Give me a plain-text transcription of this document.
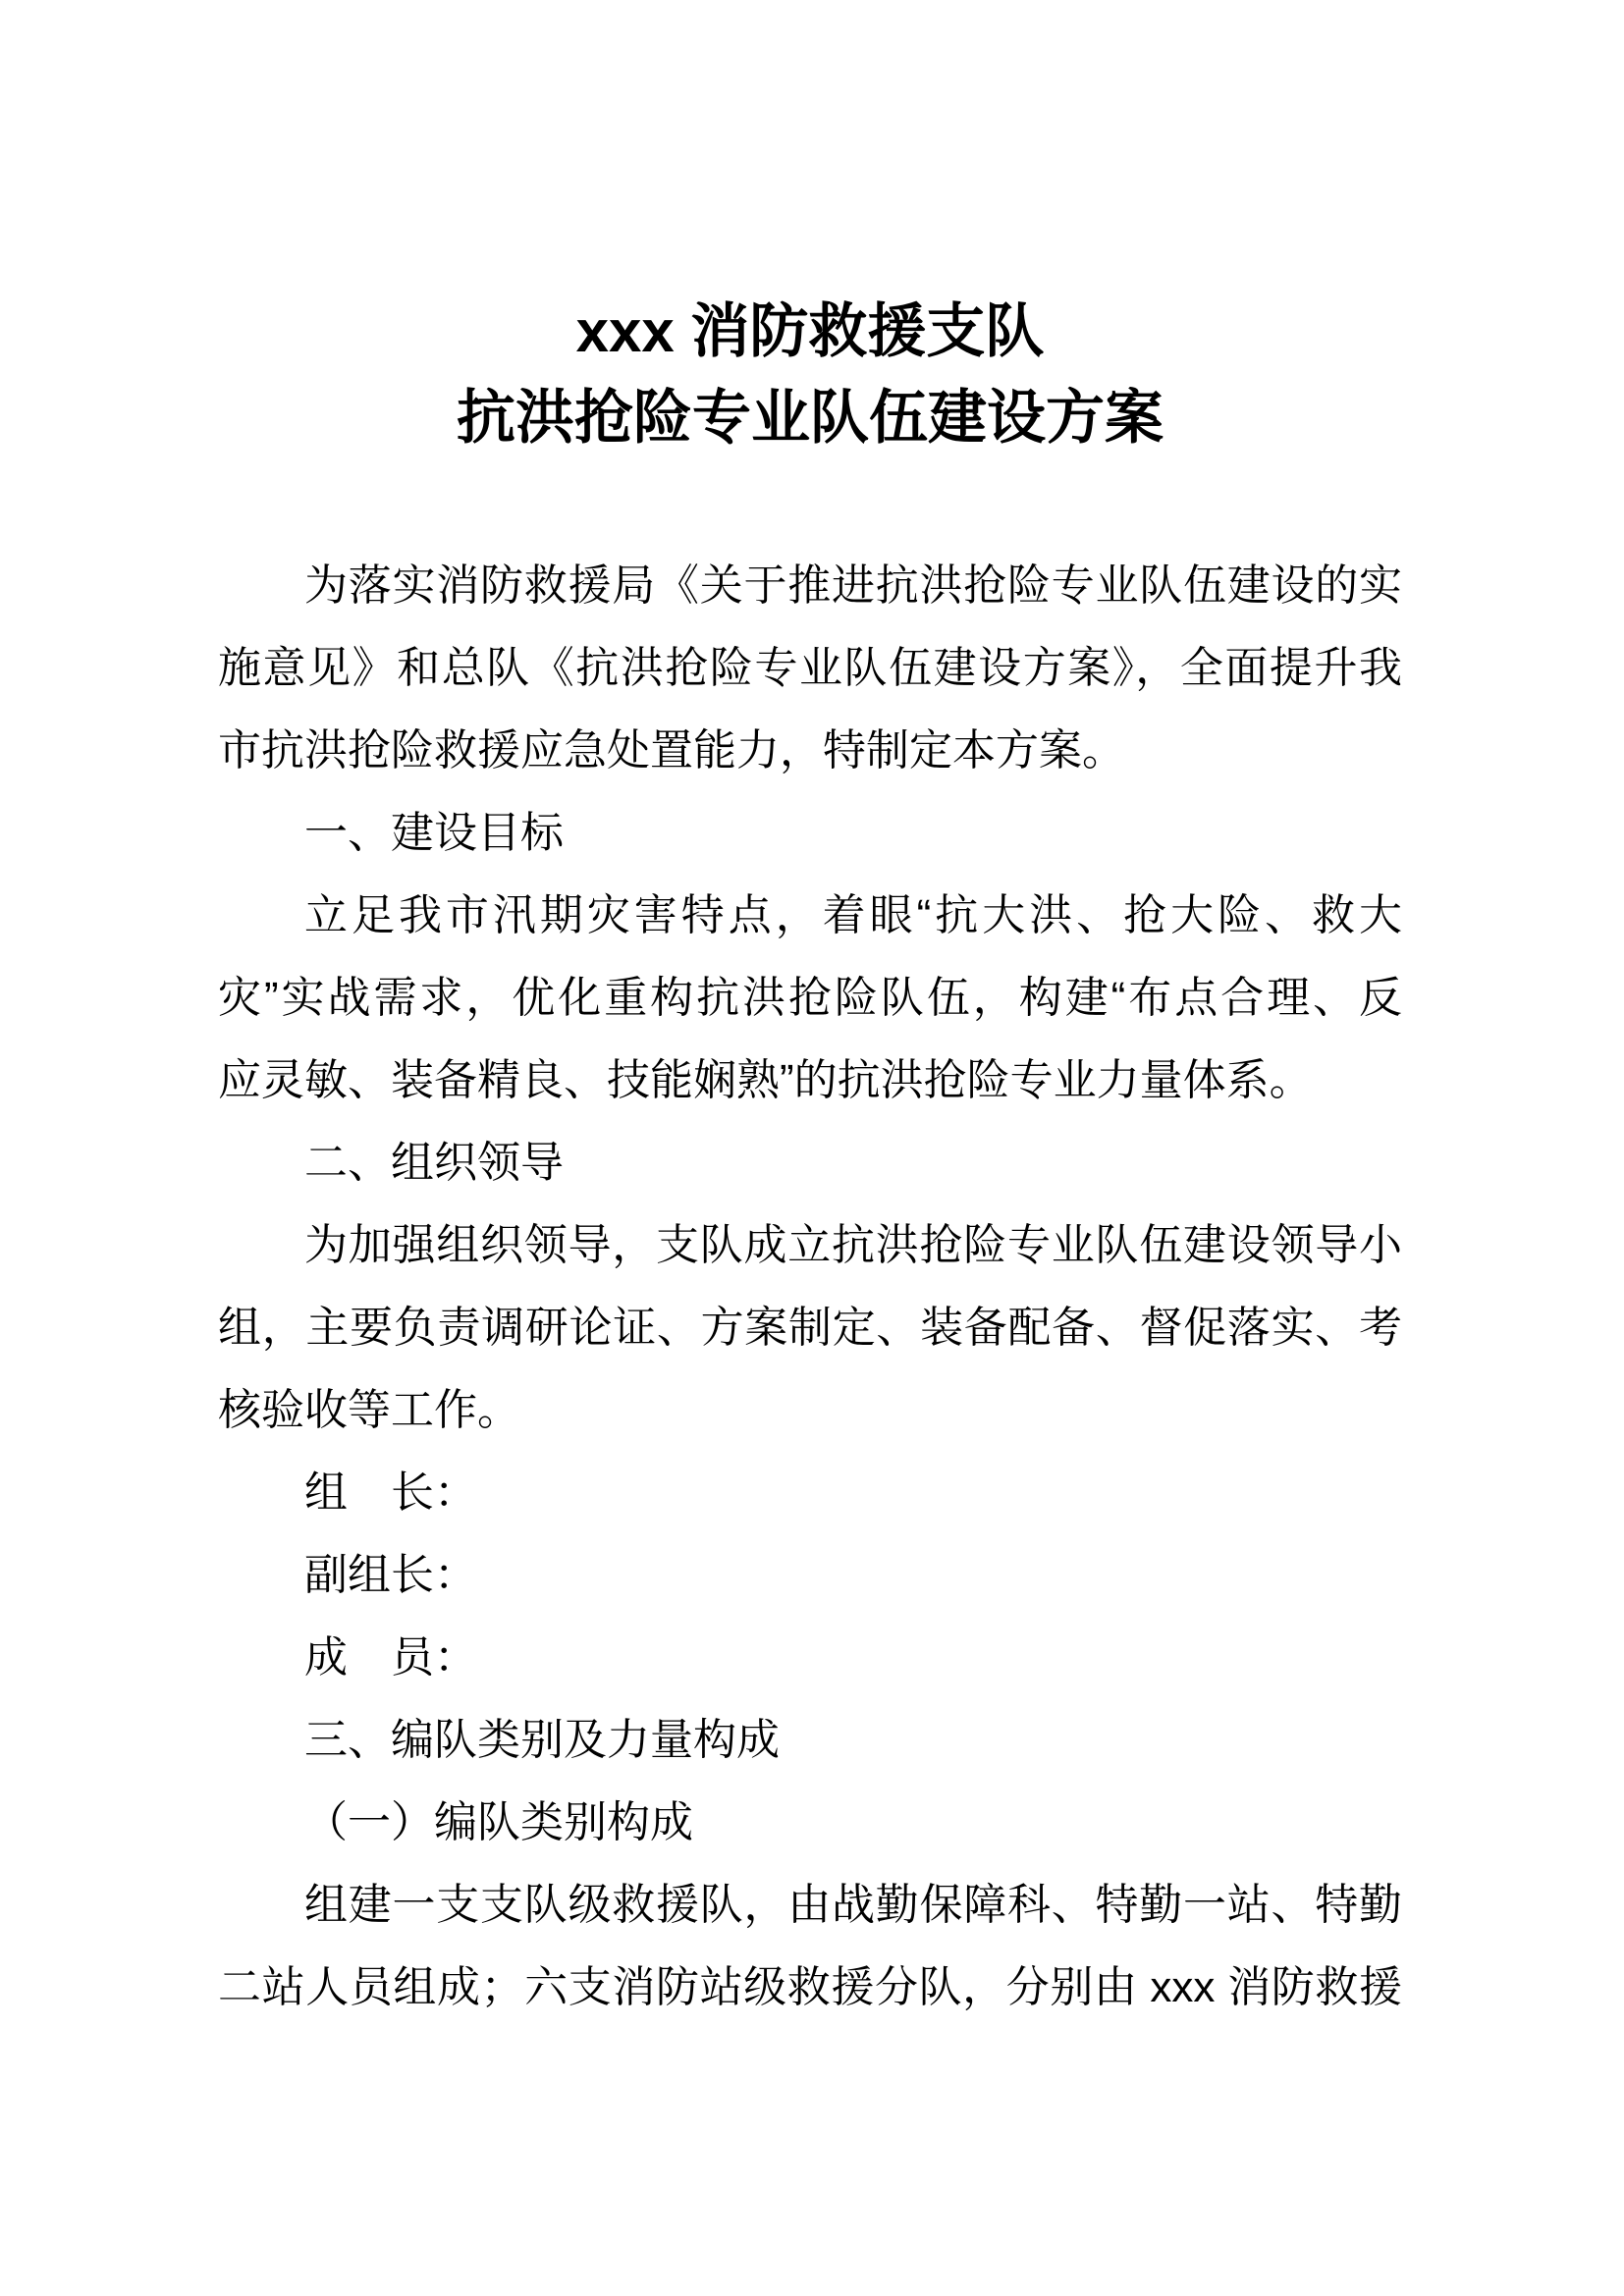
xxx 消防救援支队
抗洪抢险专业队伍建设方案
为落实消防救援局《关于推进抗洪抢险专业队伍建设的实
施意见》和总队《抗洪抢险专业队伍建设方案》，全面提升我
市抗洪抢险救援应急处置能力，特制定本方案。
一、建设目标
立足我市汛期灾害特点，着眼“抗大洪、抢大险、救大
灾”实战需求，优化重构抗洪抢险队伍，构建“布点合理、反
应灵敏、装备精良、技能娴熟”的抗洪抢险专业力量体系。
二、组织领导
为加强组织领导，支队成立抗洪抢险专业队伍建设领导小
组，主要负责调研论证、方案制定、装备配备、督促落实、考
核验收等工作。
组　长：
副组长：
成　员：
三、编队类别及力量构成
（一）编队类别构成
组建一支支队级救援队，由战勤保障科、特勤一站、特勤
二站人员组成；六支消防站级救援分队，分别由 xxx 消防救援
